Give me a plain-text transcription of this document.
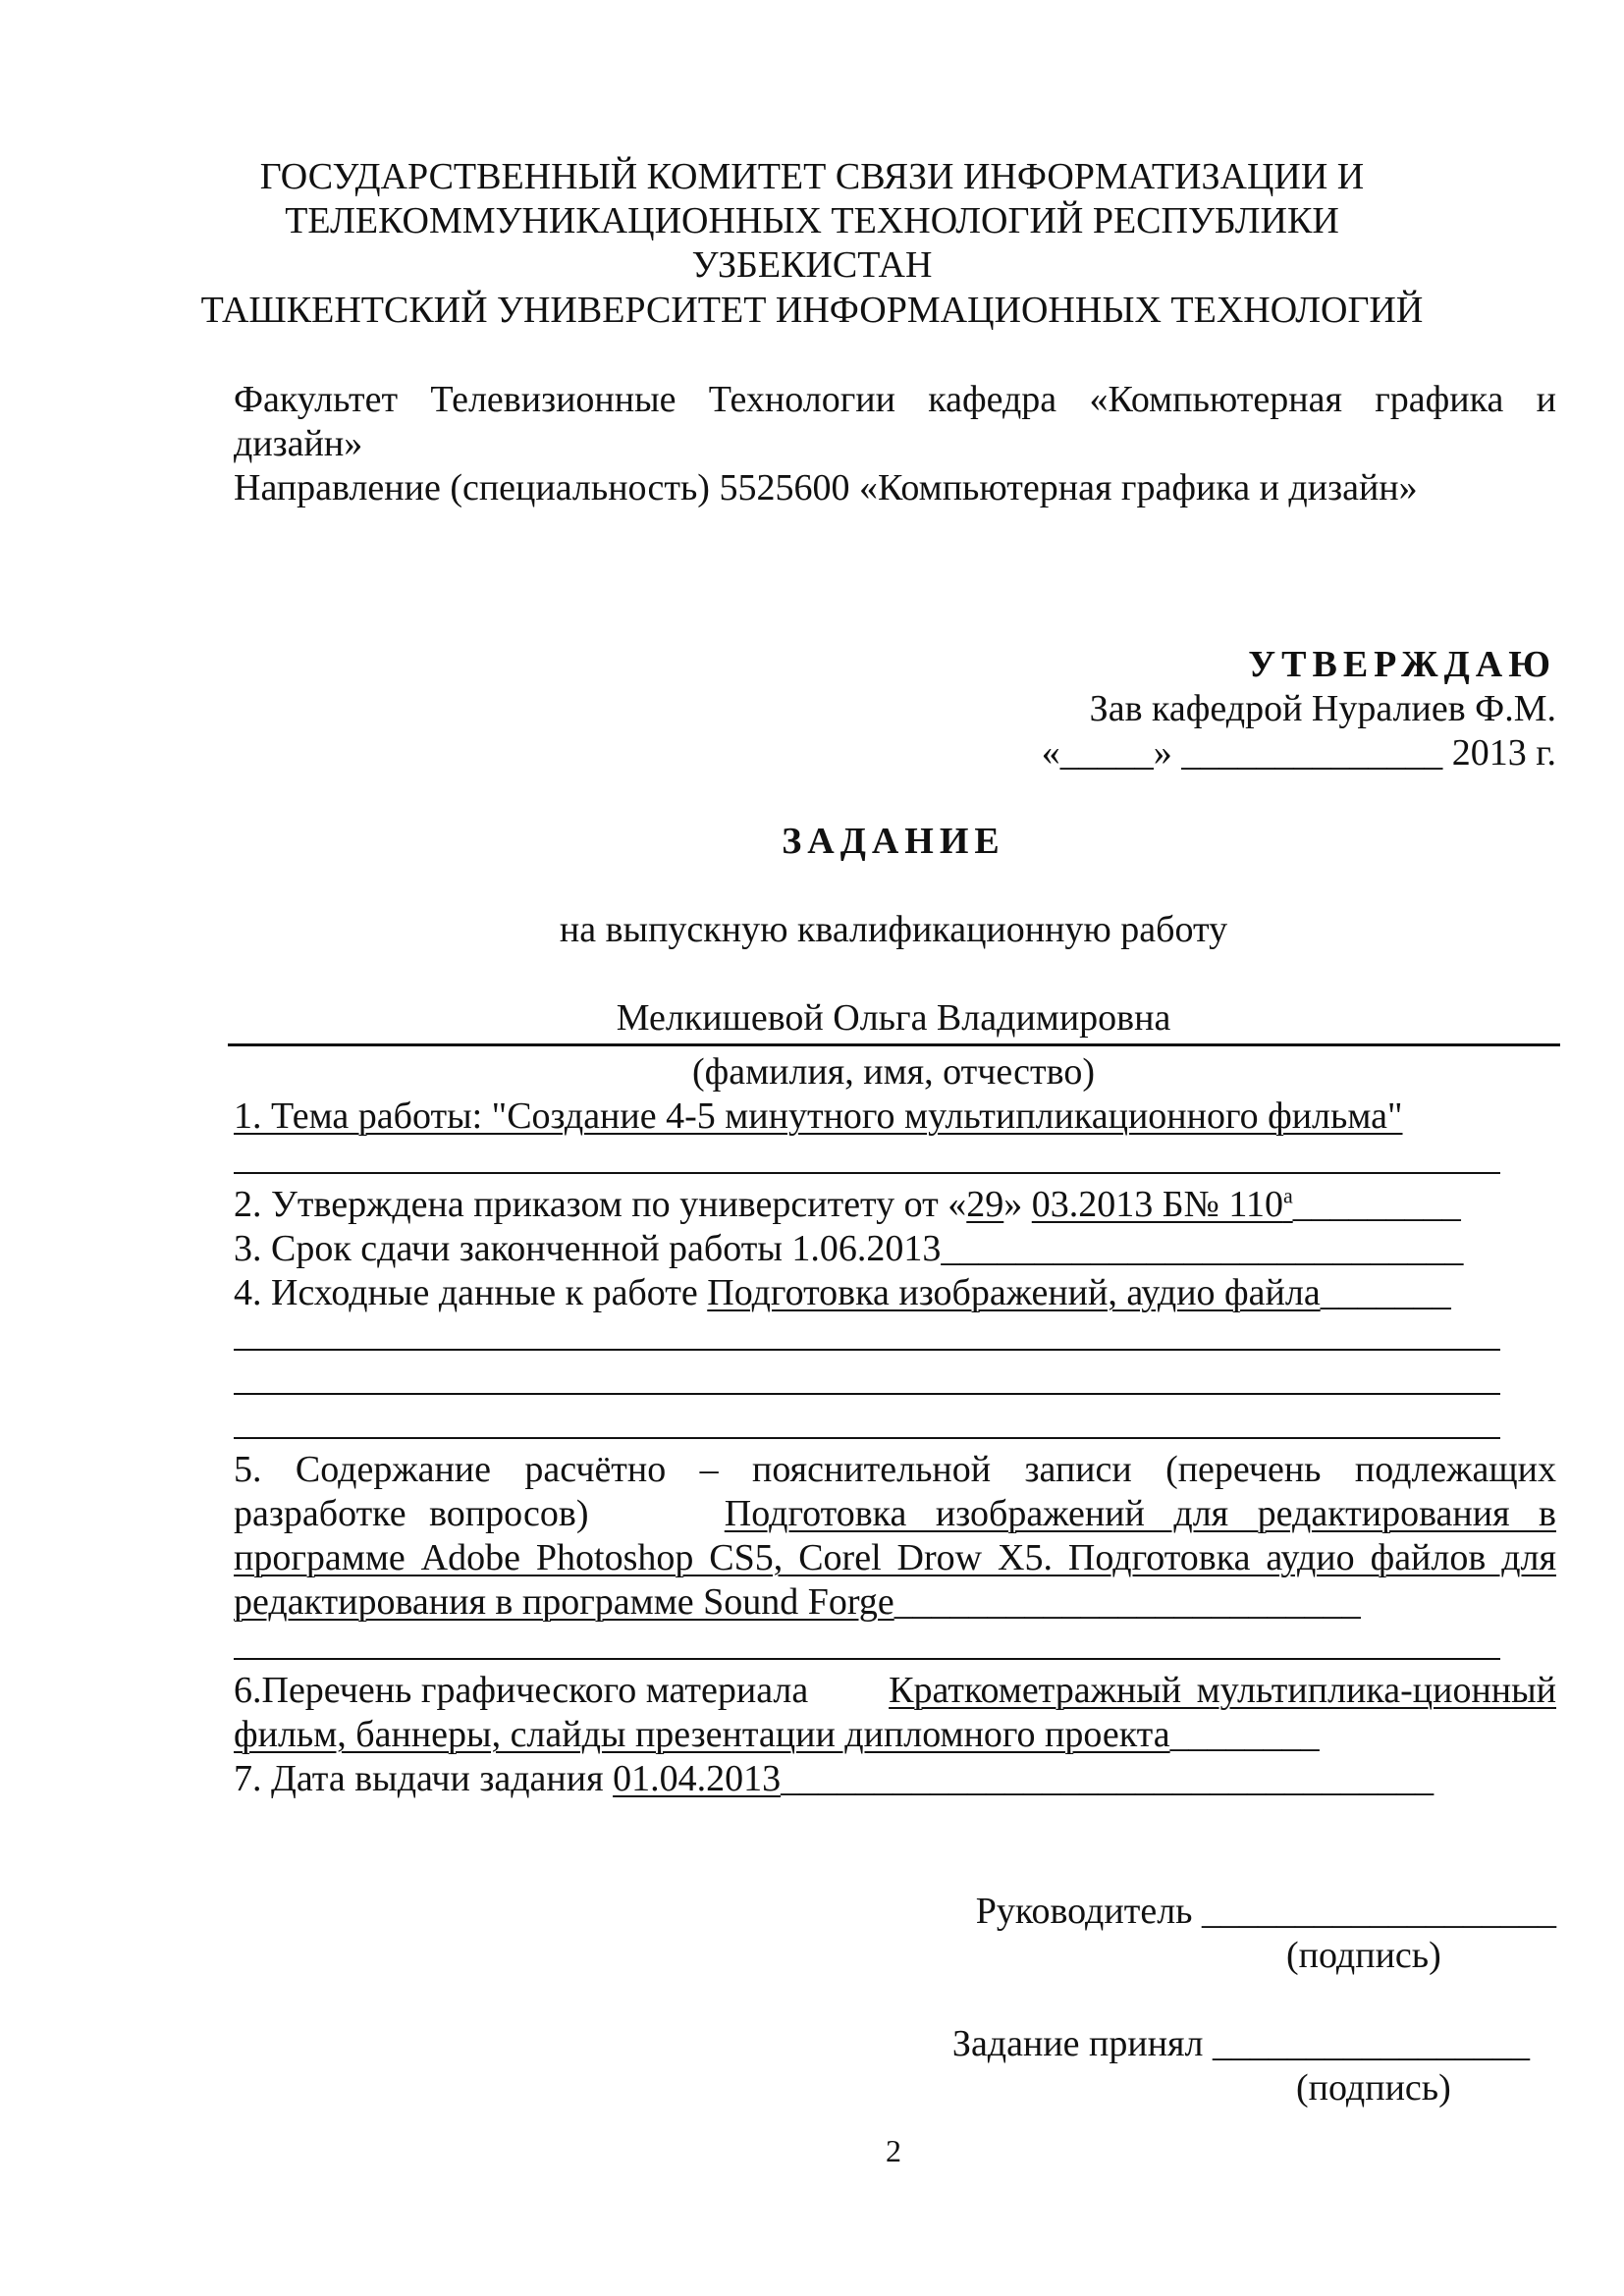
ГОСУДАРСТВЕННЫЙ КОМИТЕТ СВЯЗИ ИНФОРМАТИЗАЦИИ И
ТЕЛЕКОММУНИКАЦИОННЫХ ТЕХНОЛОГИЙ РЕСПУБЛИКИ
УЗБЕКИСТАН
ТАШКЕНТСКИЙ УНИВЕРСИТЕТ ИНФОРМАЦИОННЫХ ТЕХНОЛОГИЙ
Факультет Телевизионные Технологии кафедра «Компьютерная графика и
дизайн»
Направление (специальность) 5525600 «Компьютерная графика и дизайн»
УТВЕРЖДАЮ
Зав кафедрой Нуралиев Ф.М.
«_____» ______________ 2013 г.
ЗАДАНИЕ
на выпускную квалификационную работу
Мелкишевой Ольга Владимировна
(фамилия, имя, отчество)
1. Тема работы: "Создание 4-5 минутного мультипликационного фильма"
2. Утверждена приказом по университету от «29» 03.2013 Б№ $110^а\_\_\_\_\_\_\_\_\_$
3. Срок сдачи законченной работы 1.06.2013____________________________
4. Исходные данные к работе Подготовка изображений, аудио файла_______
5. Содержание расчётно – пояснительной записи (перечень подлежащих
разработке вопросов)	Подготовка изображений для редактирования в
программе Adobe Photoshop CS5, Corel Drow X5. Подготовка аудио файлов для
редактирования в программе Sound Forge_________________________
6.Перечень графического материала Краткометражный мультиплика-ционный
фильм, баннеры, слайды презентации дипломного проекта________
7. Дата выдачи задания 01.04.2013___________________________________
Руководитель ___________________
(подпись)
Задание принял _________________
(подпись)
2
